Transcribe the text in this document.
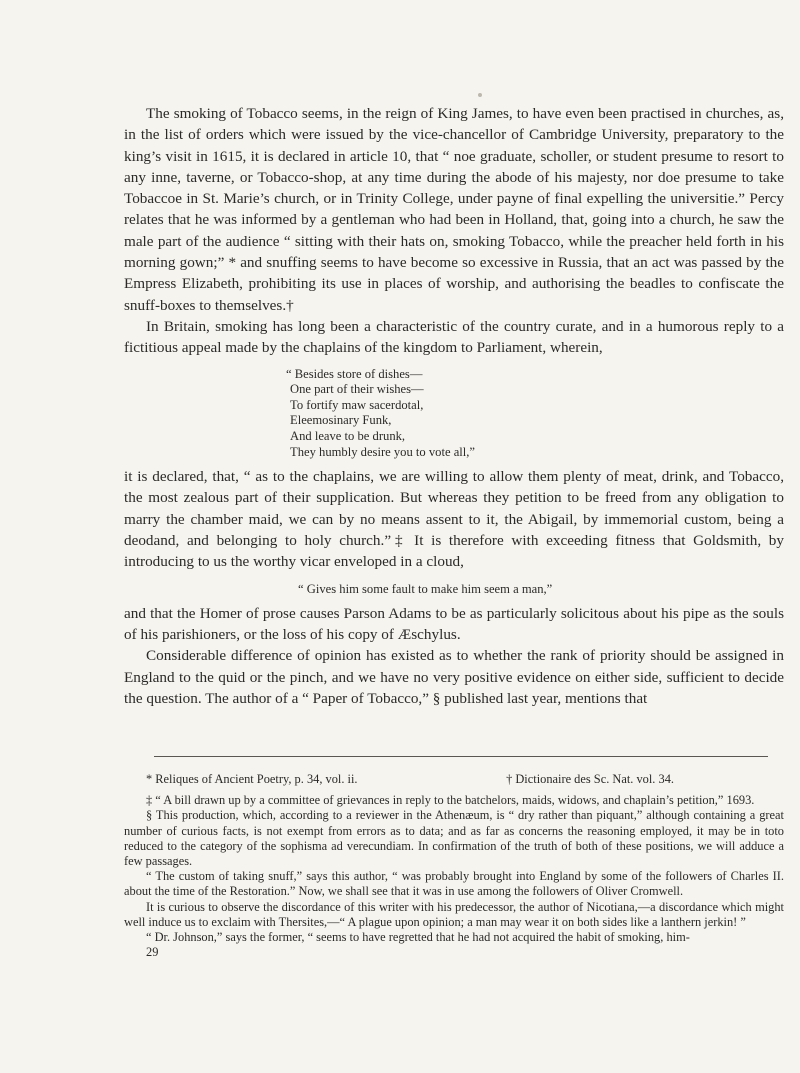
The smoking of Tobacco seems, in the reign of King James, to have even been practised in churches, as, in the list of orders which were issued by the vice-chancellor of Cambridge University, preparatory to the king’s visit in 1615, it is declared in article 10, that “ noe graduate, scholler, or student presume to resort to any inne, taverne, or Tobacco-shop, at any time during the abode of his majesty, nor doe presume to take Tobaccoe in St. Marie’s church, or in Trinity College, under payne of final expelling the universitie.” Percy relates that he was informed by a gentleman who had been in Holland, that, going into a church, he saw the male part of the audience “ sitting with their hats on, smoking Tobacco, while the preacher held forth in his morning gown;” * and snuffing seems to have become so excessive in Russia, that an act was passed by the Empress Elizabeth, prohibiting its use in places of worship, and authorising the beadles to confiscate the snuff-boxes to themselves.†

In Britain, smoking has long been a characteristic of the country curate, and in a humorous reply to a fictitious appeal made by the chaplains of the kingdom to Parliament, wherein,

“ Besides store of dishes—
One part of their wishes—
To fortify maw sacerdotal,
Eleemosinary Funk,
And leave to be drunk,
They humbly desire you to vote all,”

it is declared, that, “ as to the chaplains, we are willing to allow them plenty of meat, drink, and Tobacco, the most zealous part of their supplication. But whereas they petition to be freed from any obligation to marry the chamber maid, we can by no means assent to it, the Abigail, by immemorial custom, being a deodand, and belonging to holy church.”‡ It is therefore with exceeding fitness that Goldsmith, by introducing to us the worthy vicar enveloped in a cloud,

“ Gives him some fault to make him seem a man,”

and that the Homer of prose causes Parson Adams to be as particularly solicitous about his pipe as the souls of his parishioners, or the loss of his copy of Æschylus.

Considerable difference of opinion has existed as to whether the rank of priority should be assigned in England to the quid or the pinch, and we have no very positive evidence on either side, sufficient to decide the question. The author of a “ Paper of Tobacco,” § published last year, mentions that

* Reliques of Ancient Poetry, p. 34, vol. ii.	† Dictionaire des Sc. Nat. vol. 34.

‡ “ A bill drawn up by a committee of grievances in reply to the batchelors, maids, widows, and chaplain’s petition,” 1693.

§ This production, which, according to a reviewer in the Athenæum, is “ dry rather than piquant,” although containing a great number of curious facts, is not exempt from errors as to data; and as far as concerns the reasoning employed, it may be in toto reduced to the category of the sophisma ad verecundiam. In confirmation of the truth of both of these positions, we will adduce a few passages.

“ The custom of taking snuff,” says this author, “ was probably brought into England by some of the followers of Charles II. about the time of the Restoration.” Now, we shall see that it was in use among the followers of Oliver Cromwell.

It is curious to observe the discordance of this writer with his predecessor, the author of Nicotiana,—a discordance which might well induce us to exclaim with Thersites,—“ A plague upon opinion; a man may wear it on both sides like a lanthern jerkin! ”

“ Dr. Johnson,” says the former, “ seems to have regretted that he had not acquired the habit of smoking, him-

29
